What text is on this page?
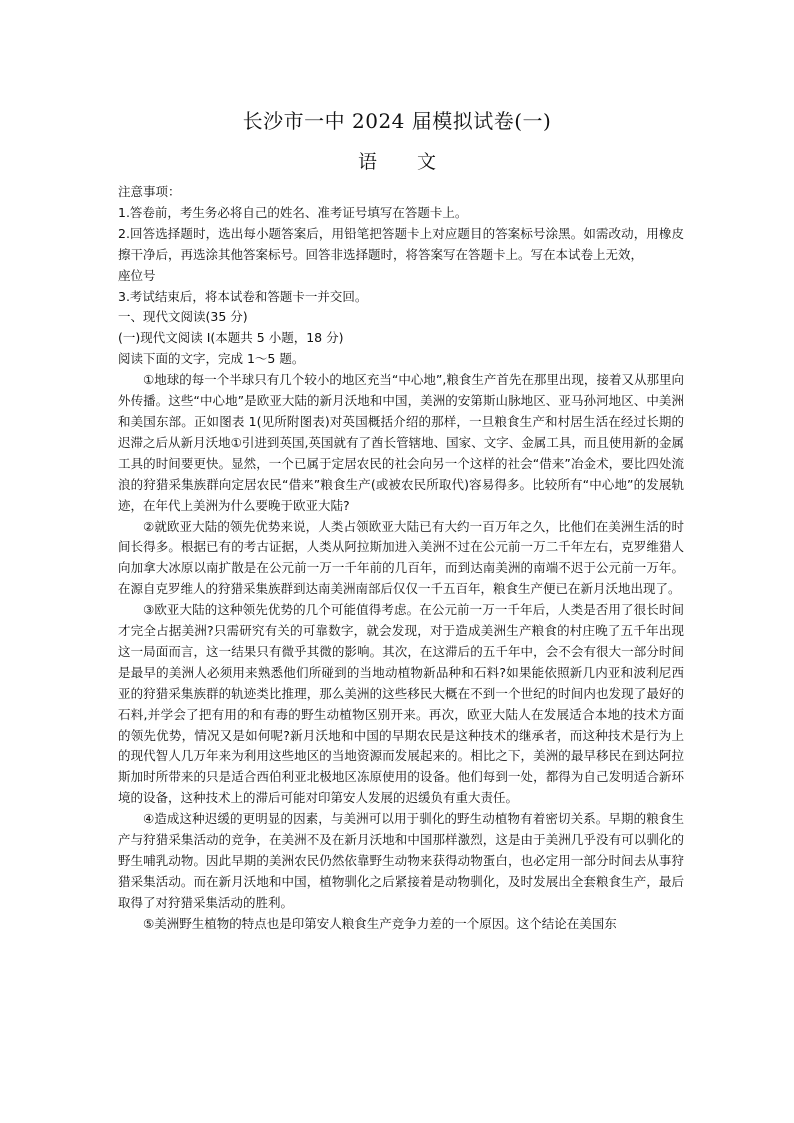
长沙市一中 2024 届模拟试卷(一)
语 文

注意事项：

1.答卷前，考生务必将自己的姓名、准考证号填写在答题卡上。

2.回答选择题时，选出每小题答案后，用铅笔把答题卡上对应题目的答案标号涂黑。如需改动，用橡皮擦干净后，再选涂其他答案标号。回答非选择题时，将答案写在答题卡上。写在本试卷上无效，

座位号

3.考试结束后，将本试卷和答题卡一并交回。

一、现代文阅读(35 分)

(一)现代文阅读 I(本题共 5 小题，18 分)

阅读下面的文字，完成 1～5 题。

①地球的每一个半球只有几个较小的地区充当“中心地”,粮食生产首先在那里出现，接着又从那里向外传播。这些“中心地”是欧亚大陆的新月沃地和中国，美洲的安第斯山脉地区、亚马孙河地区、中美洲和美国东部。正如图表 1(见所附图表)对英国概括介绍的那样，一旦粮食生产和村居生活在经过长期的迟滞之后从新月沃地①引进到英国,英国就有了酋长管辖地、国家、文字、金属工具，而且使用新的金属工具的时间要更快。显然，一个已属于定居农民的社会向另一个这样的社会“借来”冶金术，要比四处流浪的狩猎采集族群向定居农民“借来”粮食生产(或被农民所取代)容易得多。比较所有“中心地”的发展轨迹，在年代上美洲为什么要晚于欧亚大陆?

②就欧亚大陆的领先优势来说，人类占领欧亚大陆已有大约一百万年之久，比他们在美洲生活的时间长得多。根据已有的考古证据，人类从阿拉斯加进入美洲不过在公元前一万二千年左右，克罗维猎人向加拿大冰原以南扩散是在公元前一万一千年前的几百年，而到达南美洲的南端不迟于公元前一万年。在源自克罗维人的狩猎采集族群到达南美洲南部后仅仅一千五百年，粮食生产便已在新月沃地出现了。

③欧亚大陆的这种领先优势的几个可能值得考虑。在公元前一万一千年后，人类是否用了很长时间才完全占据美洲?只需研究有关的可靠数字，就会发现，对于造成美洲生产粮食的村庄晚了五千年出现这一局面而言，这一结果只有微乎其微的影响。其次，在这滞后的五千年中，会不会有很大一部分时间是最早的美洲人必须用来熟悉他们所碰到的当地动植物新品种和石料?如果能依照新几内亚和波利尼西亚的狩猎采集族群的轨迹类比推理，那么美洲的这些移民大概在不到一个世纪的时间内也发现了最好的石料,并学会了把有用的和有毒的野生动植物区别开来。再次，欧亚大陆人在发展适合本地的技术方面的领先优势，情况又是如何呢?新月沃地和中国的早期农民是这种技术的继承者，而这种技术是行为上的现代智人几万年来为利用这些地区的当地资源而发展起来的。相比之下，美洲的最早移民在到达阿拉斯加时所带来的只是适合西伯利亚北极地区冻原使用的设备。他们每到一处，都得为自己发明适合新环境的设备，这种技术上的滞后可能对印第安人发展的迟缓负有重大责任。

④造成这种迟缓的更明显的因素，与美洲可以用于驯化的野生动植物有着密切关系。早期的粮食生产与狩猎采集活动的竞争，在美洲不及在新月沃地和中国那样激烈，这是由于美洲几乎没有可以驯化的野生哺乳动物。因此早期的美洲农民仍然依靠野生动物来获得动物蛋白，也必定用一部分时间去从事狩猎采集活动。而在新月沃地和中国，植物驯化之后紧接着是动物驯化，及时发展出全套粮食生产，最后取得了对狩猎采集活动的胜利。

⑤美洲野生植物的特点也是印第安人粮食生产竞争力差的一个原因。这个结论在美国东
